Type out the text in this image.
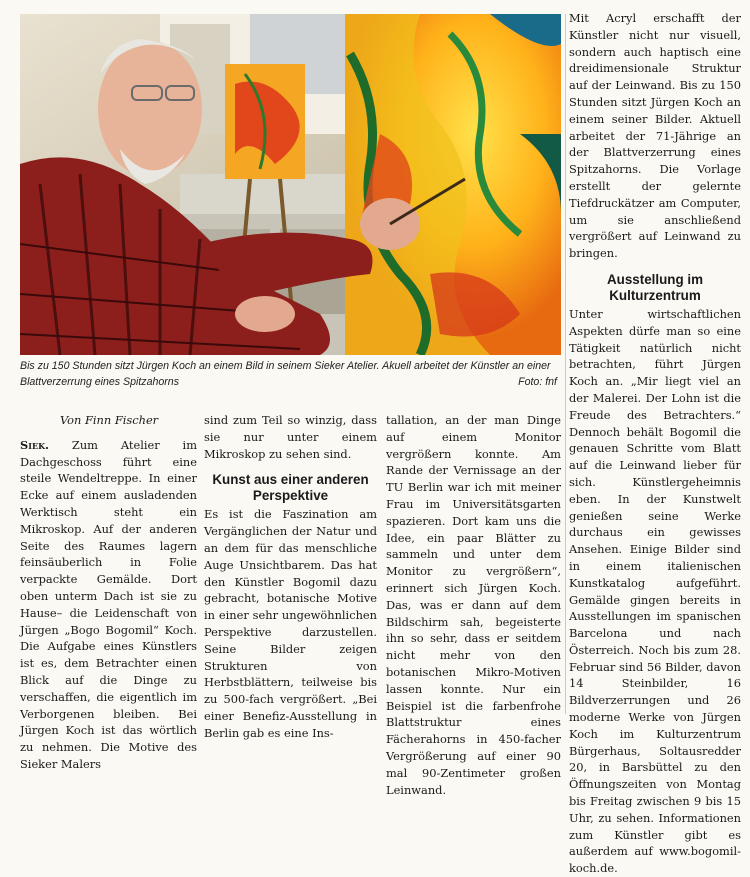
Bis zu 150 Stunden sitzt Jürgen Koch an einem Bild in seinem Sieker Atelier. Akuell arbeitet der Künstler an einer Blattverzerrung eines Spitzahorns	Foto: fnf

Von Finn Fischer

Siek. Zum Atelier im Dachgeschoss führt eine steile Wendeltreppe. In einer Ecke auf einem ausladenden Werktisch steht ein Mikroskop. Auf der anderen Seite des Raumes lagern feinsäuberlich in Folie verpackte Gemälde. Dort oben unterm Dach ist sie zu Hause– die Leidenschaft von Jürgen „Bogo Bogomil“ Koch. Die Aufgabe eines Künstlers ist es, dem Betrachter einen Blick auf die Dinge zu verschaffen, die eigentlich im Verborgenen bleiben. Bei Jürgen Koch ist das wörtlich zu nehmen. Die Motive des Sieker Malers

sind zum Teil so winzig, dass sie nur unter einem Mikroskop zu sehen sind.

Kunst aus einer anderen Perspektive

Es ist die Faszination am Vergänglichen der Natur und an dem für das menschliche Auge Unsichtbarem. Das hat den Künstler Bogomil dazu gebracht, botanische Motive in einer sehr ungewöhnlichen Perspektive darzustellen. Seine Bilder zeigen Strukturen von Herbstblättern, teilweise bis zu 500-fach vergrößert. „Bei einer Benefiz-Ausstellung in Berlin gab es eine Ins-

tallation, an der man Dinge auf einem Monitor vergrößern konnte. Am Rande der Vernissage an der TU Berlin war ich mit meiner Frau im Universitätsgarten spazieren. Dort kam uns die Idee, ein paar Blätter zu sammeln und unter dem Monitor zu vergrößern“, erinnert sich Jürgen Koch. Das, was er dann auf dem Bildschirm sah, begeisterte ihn so sehr, dass er seitdem nicht mehr von den botanischen Mikro-Motiven lassen konnte. Nur ein Beispiel ist die farbenfrohe Blattstruktur eines Fächerahorns in 450-facher Vergrößerung auf einer 90 mal 90-Zentimeter großen Leinwand.

Mit Acryl erschafft der Künstler nicht nur visuell, sondern auch haptisch eine dreidimensionale Struktur auf der Leinwand. Bis zu 150 Stunden sitzt Jürgen Koch an einem seiner Bilder. Aktuell arbeitet der 71-Jährige an der Blattverzerrung eines Spitzahorns. Die Vorlage erstellt der gelernte Tiefdruckätzer am Computer, um sie anschließend vergrößert auf Leinwand zu bringen.

Ausstellung im Kulturzentrum

Unter wirtschaftlichen Aspekten dürfe man so eine Tätigkeit natürlich nicht betrachten, führt Jürgen Koch an. „Mir liegt viel an der Malerei. Der Lohn ist die Freude des Betrachters.“ Dennoch behält Bogomil die genauen Schritte vom Blatt auf die Leinwand lieber für sich. Künstlergeheimnis eben. In der Kunstwelt genießen seine Werke durchaus ein gewisses Ansehen. Einige Bilder sind in einem italienischen Kunstkatalog aufgeführt. Gemälde gingen bereits in Ausstellungen im spanischen Barcelona und nach Österreich. Noch bis zum 28. Februar sind 56 Bilder, davon 14 Steinbilder, 16 Bildverzerrungen und 26 moderne Werke von Jürgen Koch im Kulturzentrum Bürgerhaus, Soltausredder 20, in Barsbüttel zu den Öffnungszeiten von Montag bis Freitag zwischen 9 bis 15 Uhr, zu sehen. Informationen zum Künstler gibt es außerdem auf www.bogomil-koch.de.
